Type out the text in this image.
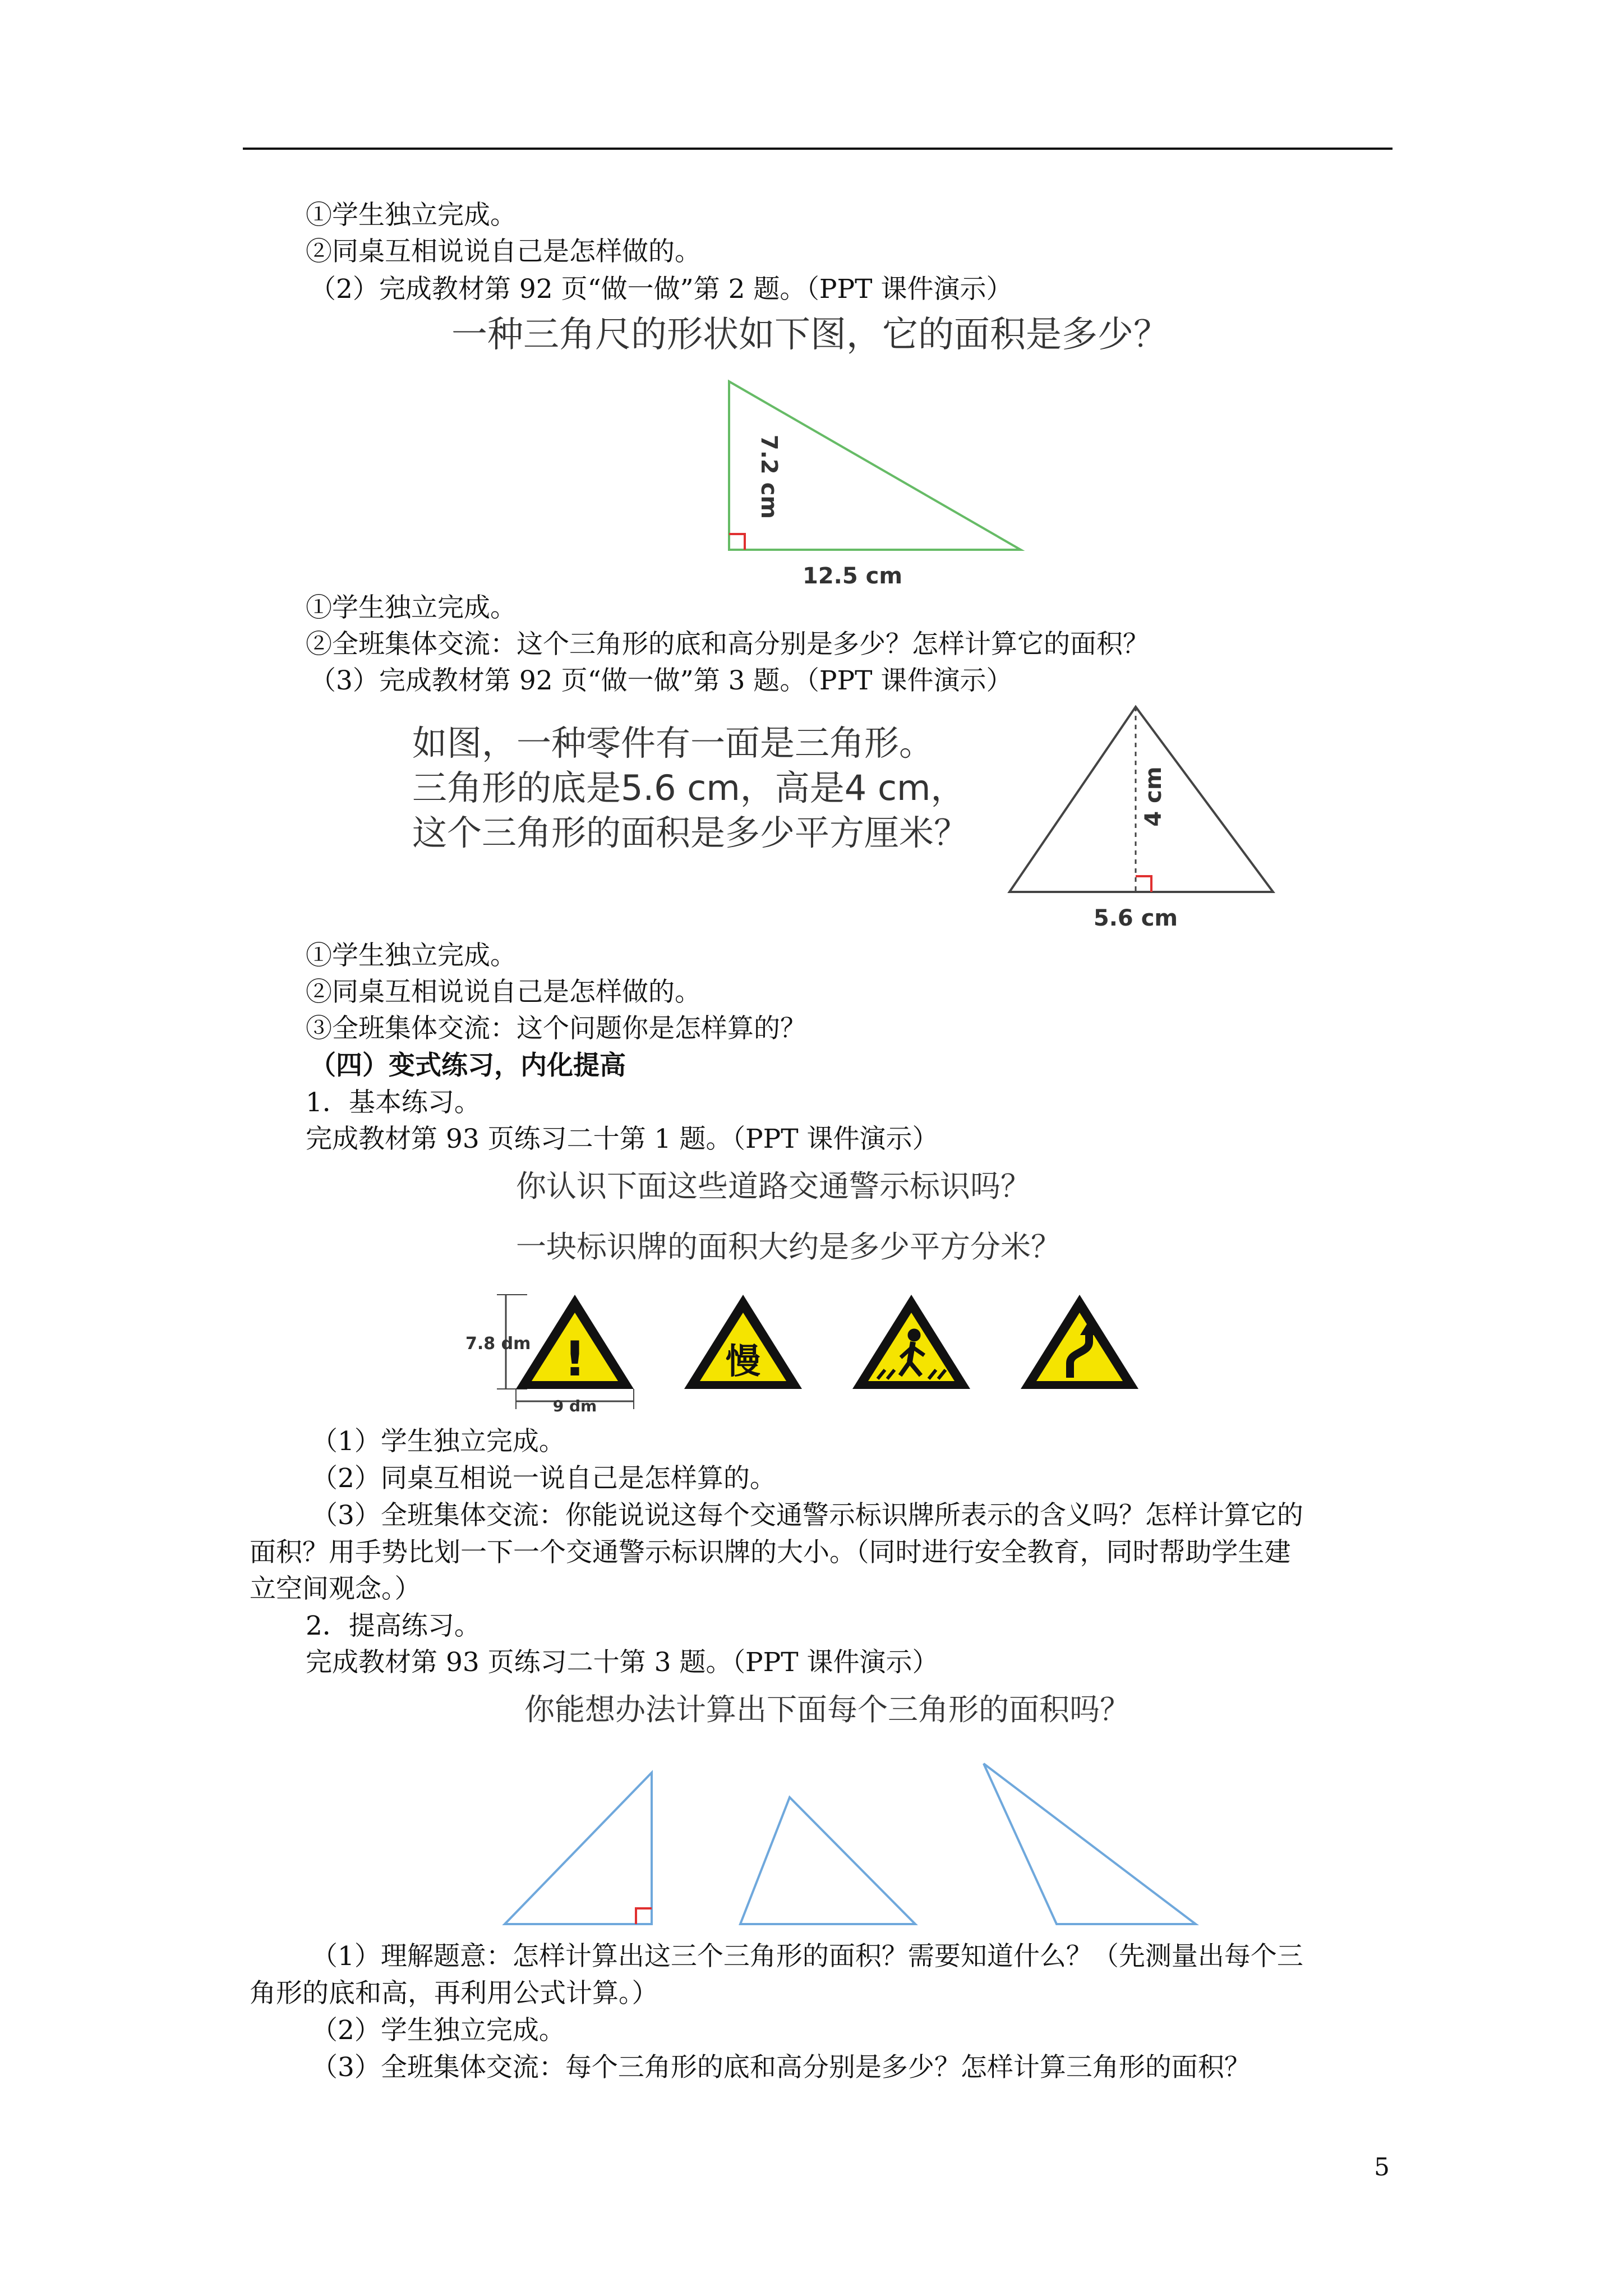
①学生独立完成。
②同桌互相说说自己是怎样做的。
（2）完成教材第 92 页“做一做”第 2 题。（PPT 课件演示）
一种三角尺的形状如下图，它的面积是多少？
7.2 cm
12.5 cm
①学生独立完成。
②全班集体交流：这个三角形的底和高分别是多少？怎样计算它的面积？
（3）完成教材第 92 页“做一做”第 3 题。（PPT 课件演示）
如图，一种零件有一面是三角形。
三角形的底是5.6 cm，高是4 cm，
这个三角形的面积是多少平方厘米？
4 cm
5.6 cm
①学生独立完成。
②同桌互相说说自己是怎样做的。
③全班集体交流：这个问题你是怎样算的？
（四）变式练习，内化提高
1．基本练习。
完成教材第 93 页练习二十第 1 题。（PPT 课件演示）
你认识下面这些道路交通警示标识吗？
一块标识牌的面积大约是多少平方分米？
7.8 dm
9 dm
!	慢
（1）学生独立完成。
（2）同桌互相说一说自己是怎样算的。
（3）全班集体交流：你能说说这每个交通警示标识牌所表示的含义吗？怎样计算它的
面积？用手势比划一下一个交通警示标识牌的大小。（同时进行安全教育，同时帮助学生建
立空间观念。）
2．提高练习。
完成教材第 93 页练习二十第 3 题。（PPT 课件演示）
你能想办法计算出下面每个三角形的面积吗？
（1）理解题意：怎样计算出这三个三角形的面积？需要知道什么？（先测量出每个三
角形的底和高，再利用公式计算。）
（2）学生独立完成。
（3）全班集体交流：每个三角形的底和高分别是多少？怎样计算三角形的面积？
5
